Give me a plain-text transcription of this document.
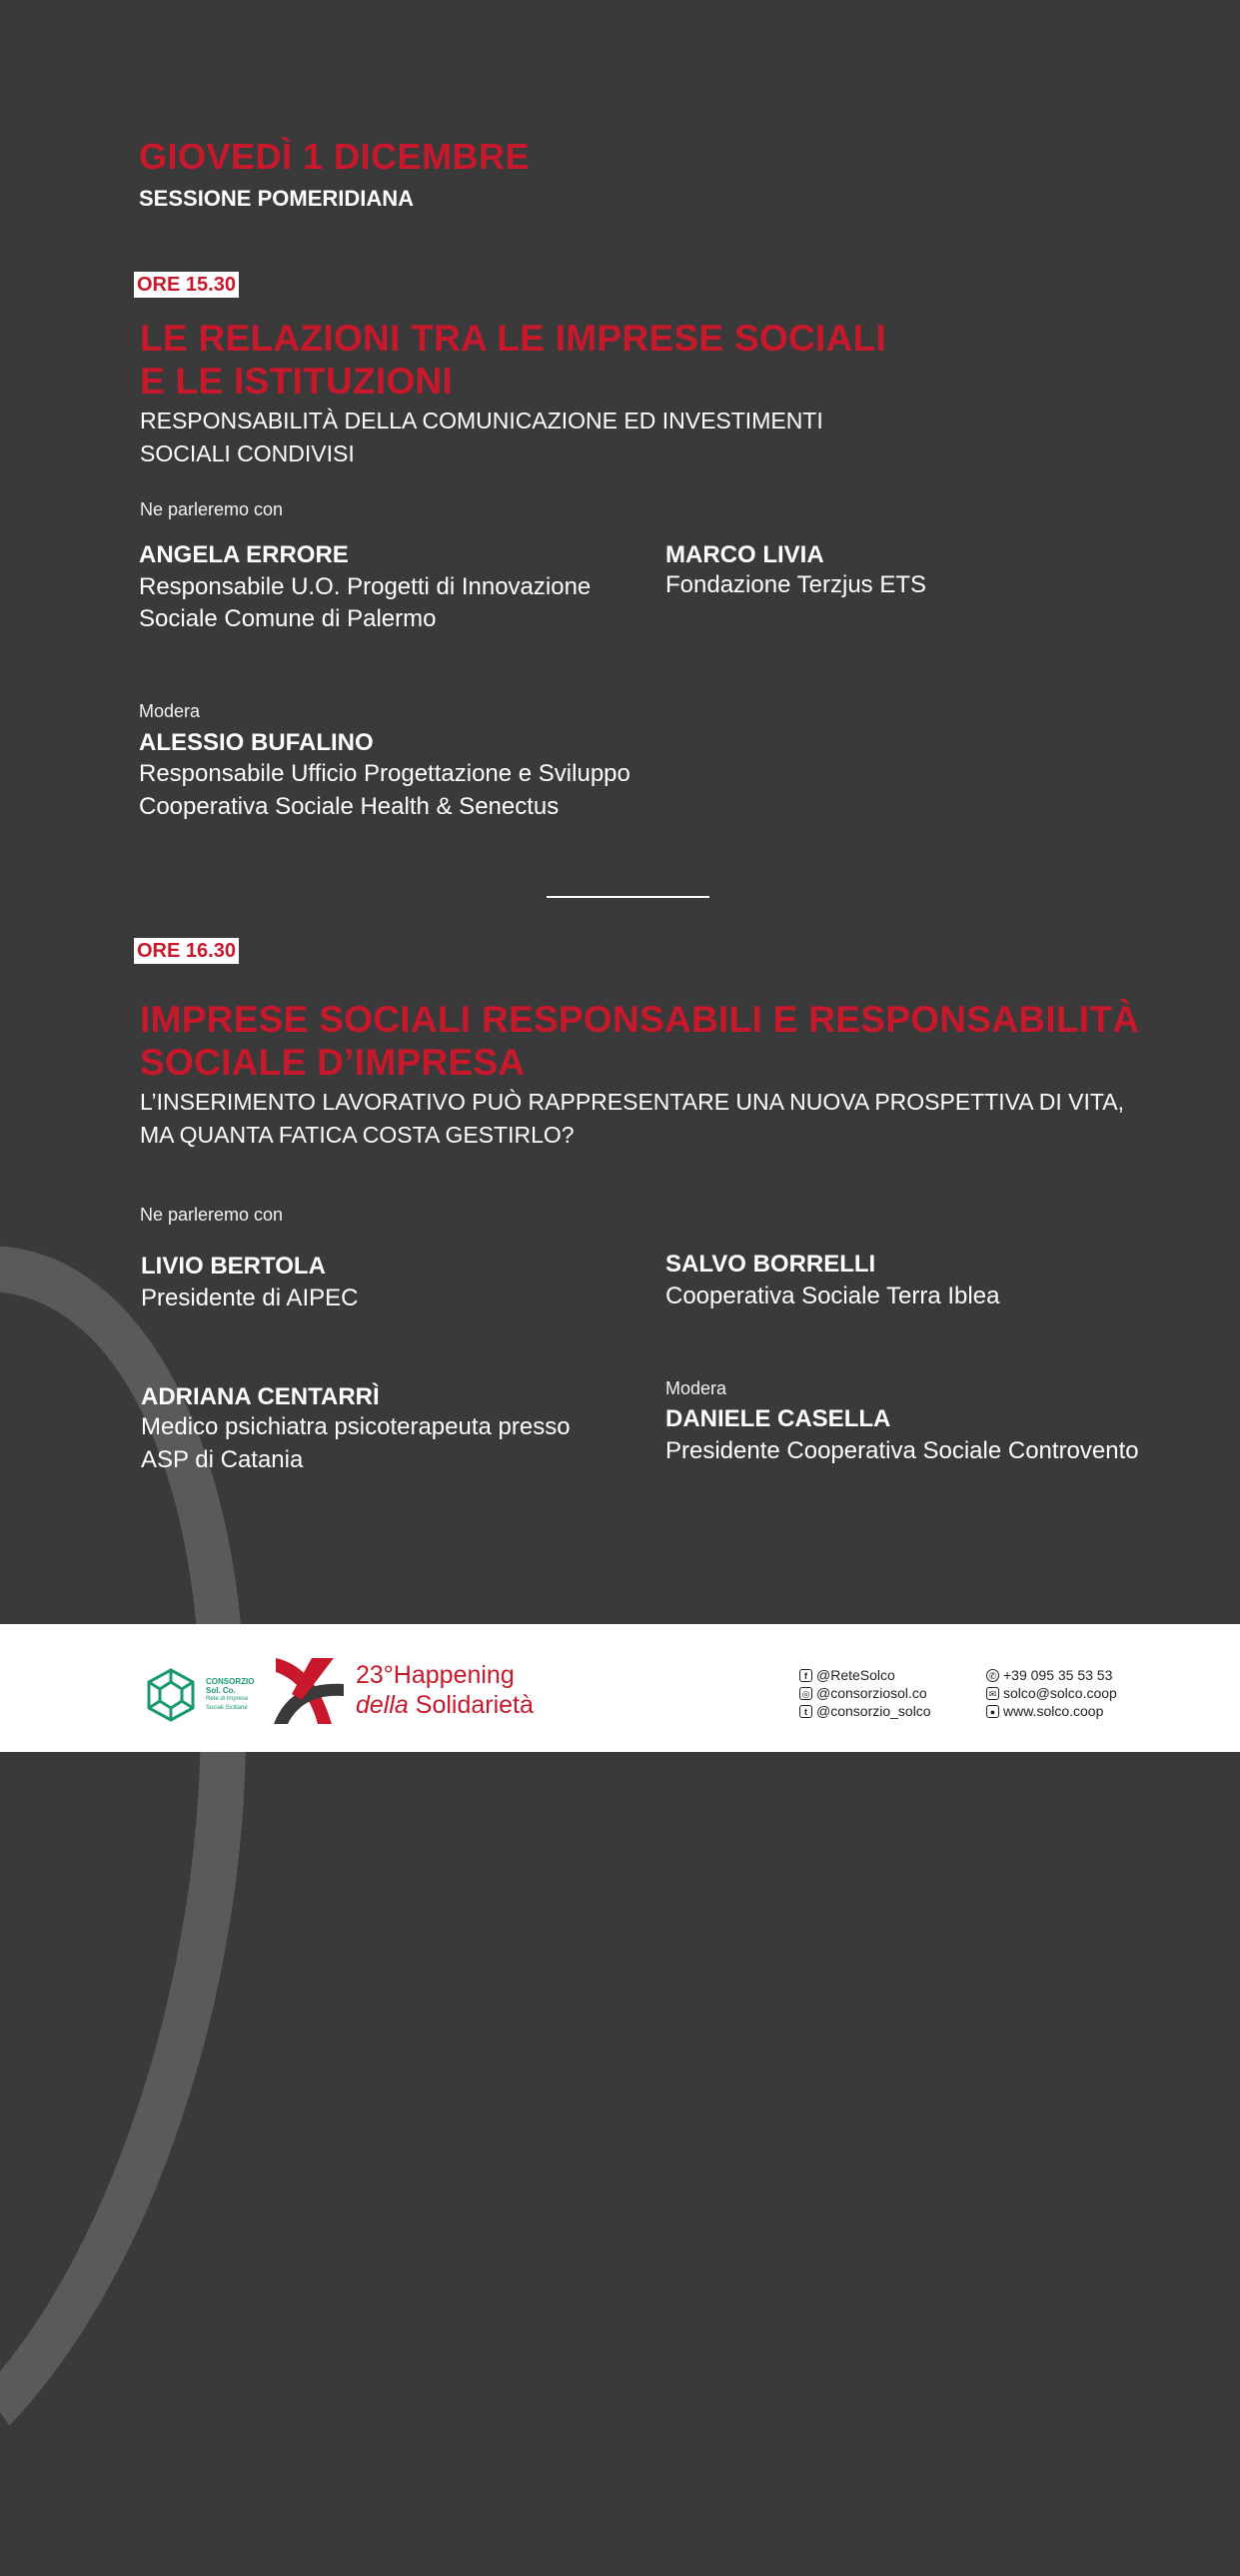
GIOVEDÌ 1 DICEMBRE
SESSIONE POMERIDIANA
ORE 15.30
LE RELAZIONI TRA LE IMPRESE SOCIALI
E LE ISTITUZIONI
RESPONSABILITÀ DELLA COMUNICAZIONE ED INVESTIMENTI
SOCIALI CONDIVISI
Ne parleremo con
ANGELA ERRORE
Responsabile U.O. Progetti di Innovazione
Sociale Comune di Palermo
MARCO LIVIA
Fondazione Terzjus ETS
Modera
ALESSIO BUFALINO
Responsabile Ufficio Progettazione e Sviluppo
Cooperativa Sociale Health & Senectus
ORE 16.30
IMPRESE SOCIALI RESPONSABILI E RESPONSABILITÀ
SOCIALE D’IMPRESA
L’INSERIMENTO LAVORATIVO PUÒ RAPPRESENTARE UNA NUOVA PROSPETTIVA DI VITA,
MA QUANTA FATICA COSTA GESTIRLO?
Ne parleremo con
LIVIO BERTOLA
Presidente di AIPEC
SALVO BORRELLI
Cooperativa Sociale Terra Iblea
ADRIANA CENTARRÌ
Medico psichiatra psicoterapeuta presso
ASP di Catania
Modera
DANIELE CASELLA
Presidente Cooperativa Sociale Controvento
CONSORZIO
Sol. Co.
Rete di Imprese
Sociali Siciliane
23°Happening
della Solidarietà
f @ReteSolco
◎ @consorziosol.co
t @consorzio_solco
✆ +39 095 35 53 53
✉ solco@solco.coop
● www.solco.coop
